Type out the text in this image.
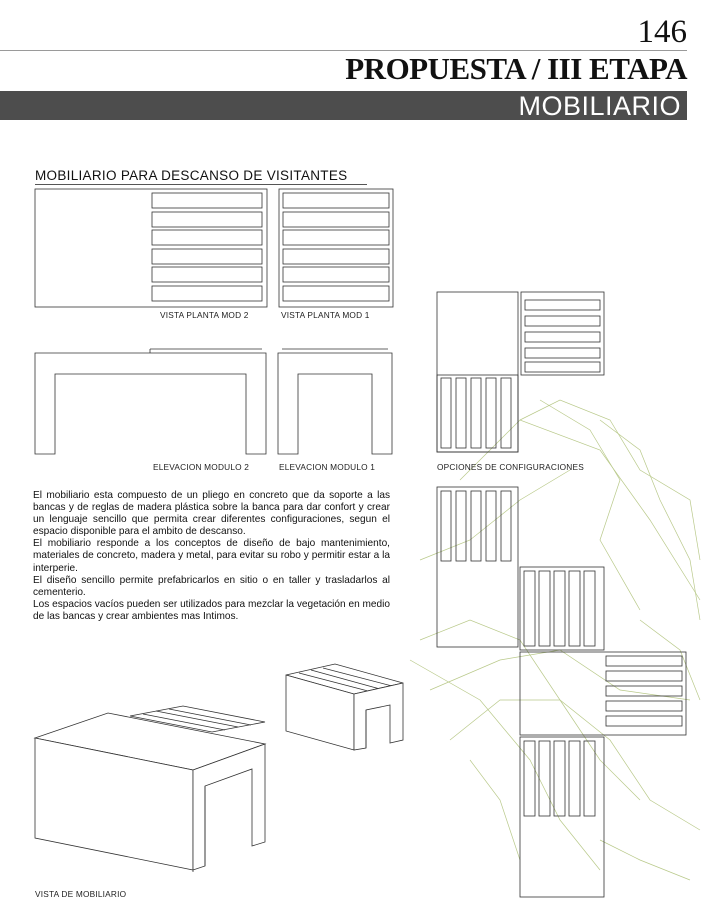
146
PROPUESTA / III ETAPA
MOBILIARIO
MOBILIARIO PARA DESCANSO DE VISITANTES
VISTA PLANTA MOD 2	VISTA PLANTA MOD 1
ELEVACION MODULO 2	ELEVACION MODULO 1	OPCIONES DE CONFIGURACIONES
VISTA DE MOBILIARIO

El mobiliario esta compuesto de un pliego en concreto que da soporte a las bancas y de reglas de madera plástica sobre la banca para dar confort y crear un lenguaje sencillo que permita crear diferentes configuraciones, segun el espacio disponible para el ambito de descanso.

El mobiliario responde a los conceptos de diseño de bajo mantenimiento, materiales de concreto, madera y metal, para evitar su robo y permitir estar a la interperie.

El diseño sencillo permite prefabricarlos en sitio o en taller y trasladarlos al cementerio.

Los espacios vacíos pueden ser utilizados para mezclar la vegetación en medio de las bancas y crear ambientes mas Intimos.
